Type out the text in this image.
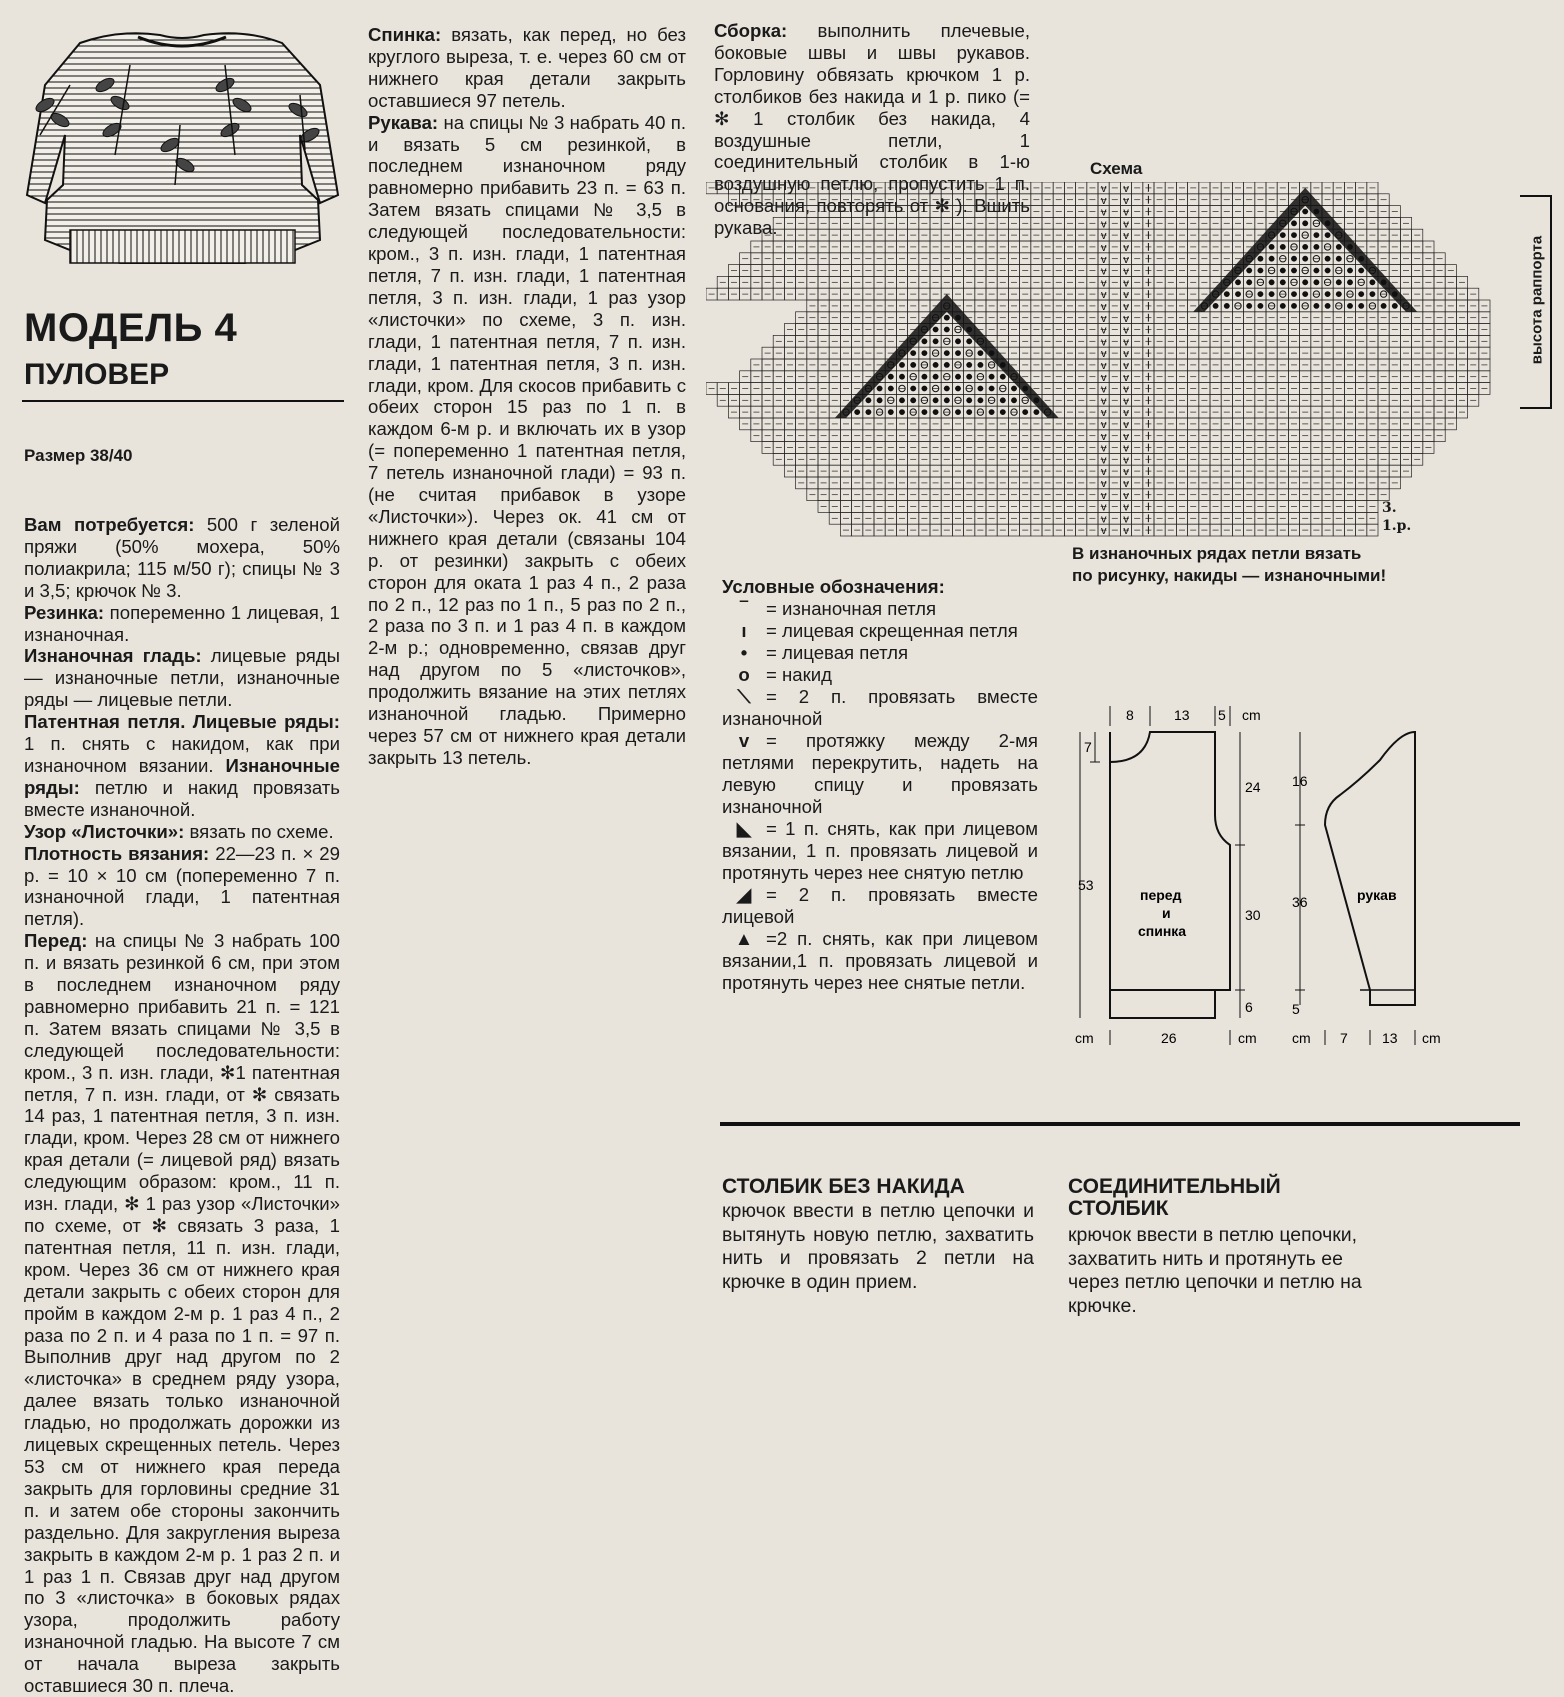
МОДЕЛЬ 4
ПУЛОВЕР
Размер 38/40

Вам потребуется: 500 г зеленой пряжи (50% мохера, 50% полиакрила; 115 м/50 г); спицы № 3 и 3,5; крючок № 3.

Резинка: попеременно 1 лицевая, 1 изнаночная.

Изнаночная гладь: лицевые ряды — изнаночные петли, изнаночные ряды — лицевые петли.

Патентная петля. Лицевые ряды: 1 п. снять с накидом, как при изнаночном вязании. Изнаночные ряды: петлю и накид провязать вместе изнаночной.

Узор «Листочки»: вязать по схеме.

Плотность вязания: 22—23 п. × 29 р. = 10 × 10 см (попеременно 7 п. изнаночной глади, 1 патентная петля).

Перед: на спицы № 3 набрать 100 п. и вязать резинкой 6 см, при этом в последнем изнаночном ряду равномерно прибавить 21 п. = 121 п. Затем вязать спицами № 3,5 в следующей последовательности: кром., 3 п. изн. глади, ✻1 патентная петля, 7 п. изн. глади, от ✻ связать 14 раз, 1 патентная петля, 3 п. изн. глади, кром. Через 28 см от нижнего края детали (= лицевой ряд) вязать следующим образом: кром., 11 п. изн. глади, ✻ 1 раз узор «Листочки» по схеме, от ✻ связать 3 раза, 1 патентная петля, 11 п. изн. глади, кром. Через 36 см от нижнего края детали закрыть с обеих сторон для пройм в каждом 2-м р. 1 раз 4 п., 2 раза по 2 п. и 4 раза по 1 п. = 97 п. Выполнив друг над другом по 2 «листочка» в среднем ряду узора, далее вязать только изнаночной гладью, но продолжать дорожки из лицевых скрещенных петель. Через 53 см от нижнего края переда закрыть для горловины средние 31 п. и затем обе стороны закончить раздельно. Для закругления выреза закрыть в каждом 2-м р. 1 раз 2 п. и 1 раз 1 п. Связав друг над другом по 3 «листочка» в боковых рядах узора, продолжить работу изнаночной гладью. На высоте 7 см от начала выреза закрыть оставшиеся 30 п. плеча.

Спинка: вязать, как перед, но без круглого выреза, т. е. через 60 см от нижнего края детали закрыть оставшиеся 97 петель.

Рукава: на спицы № 3 набрать 40 п. и вязать 5 см резинкой, в последнем изнаночном ряду равномерно прибавить 23 п. = 63 п. Затем вязать спицами № 3,5 в следующей последовательности: кром., 3 п. изн. глади, 1 патентная петля, 7 п. изн. глади, 1 патентная петля, 3 п. изн. глади, 1 раз узор «листочки» по схеме, 3 п. изн. глади, 1 патентная петля, 7 п. изн. глади, 1 патентная петля, 3 п. изн. глади, кром. Для скосов прибавить с обеих сторон 15 раз по 1 п. в каждом 6-м р. и включать их в узор (= попеременно 1 патентная петля, 7 петель изнаночной глади) = 93 п. (не считая прибавок в узоре «Листочки»). Через ок. 41 см от нижнего края детали (связаны 104 р. от резинки) закрыть с обеих сторон для оката 1 раз 4 п., 2 раза по 2 п., 12 раз по 1 п., 5 раз по 2 п., 2 раза по 3 п. и 1 раз 4 п. в каждом 2-м р.; одновременно, связав друг над другом по 5 «листочков», продолжить вязание на этих петлях изнаночной гладью. Примерно через 57 см от нижнего края детали закрыть 13 петель.

Сборка: выполнить плечевые, боковые швы и швы рукавов. Горловину обвязать крючком 1 р. столбиков без накида и 1 р. пико (= ✻ 1 столбик без накида, 4 воздушные петли, 1 соединительный столбик в 1-ю воздушную петлю, пропустить 1 п. основания, повторять от ✻ ). Вшить рукава.

Схема
v v
v v
v v
v v
v v
v v
v v
v v
v v
v v
v v
v v
v v
v v
v v
v v
v v
v v
v v
v v
v v
v v
v v
v v
v v
v v
v v
v v
v v
v v
3.
1.р.
высота раппорта
В изнаночных рядах петли вязать
по рисунку, накиды — изнаночными!
Условные обозначения:
‾ = изнаночная петля
ı = лицевая скрещенная петля
• = лицевая петля
ο = накид
⟍ = 2 п. провязать вместе изнаночной
v = протяжку между 2-мя петлями перекрутить, надеть на левую спицу и провязать изнаночной
◣ = 1 п. снять, как при лицевом вязании, 1 п. провязать лицевой и протянуть через нее снятую петлю
◢ = 2 п. провязать вместе лицевой
▲ =2 п. снять, как при лицевом вязании,1 п. провязать лицевой и протянуть через нее снятые петли.
8	13 5 cm
7
24
30
53
6
cm	26	cm
16
36
5
cm 7 13 cm
перед
и
спинка
рукав
СТОЛБИК БЕЗ НАКИДА
крючок ввести в петлю цепочки и вытянуть новую петлю, захватить нить и провязать 2 петли на крючке в один прием.
СОЕДИНИТЕЛЬНЫЙ
СТОЛБИК
крючок ввести в петлю цепочки, захватить нить и протянуть ее через петлю цепочки и петлю на крючке.
